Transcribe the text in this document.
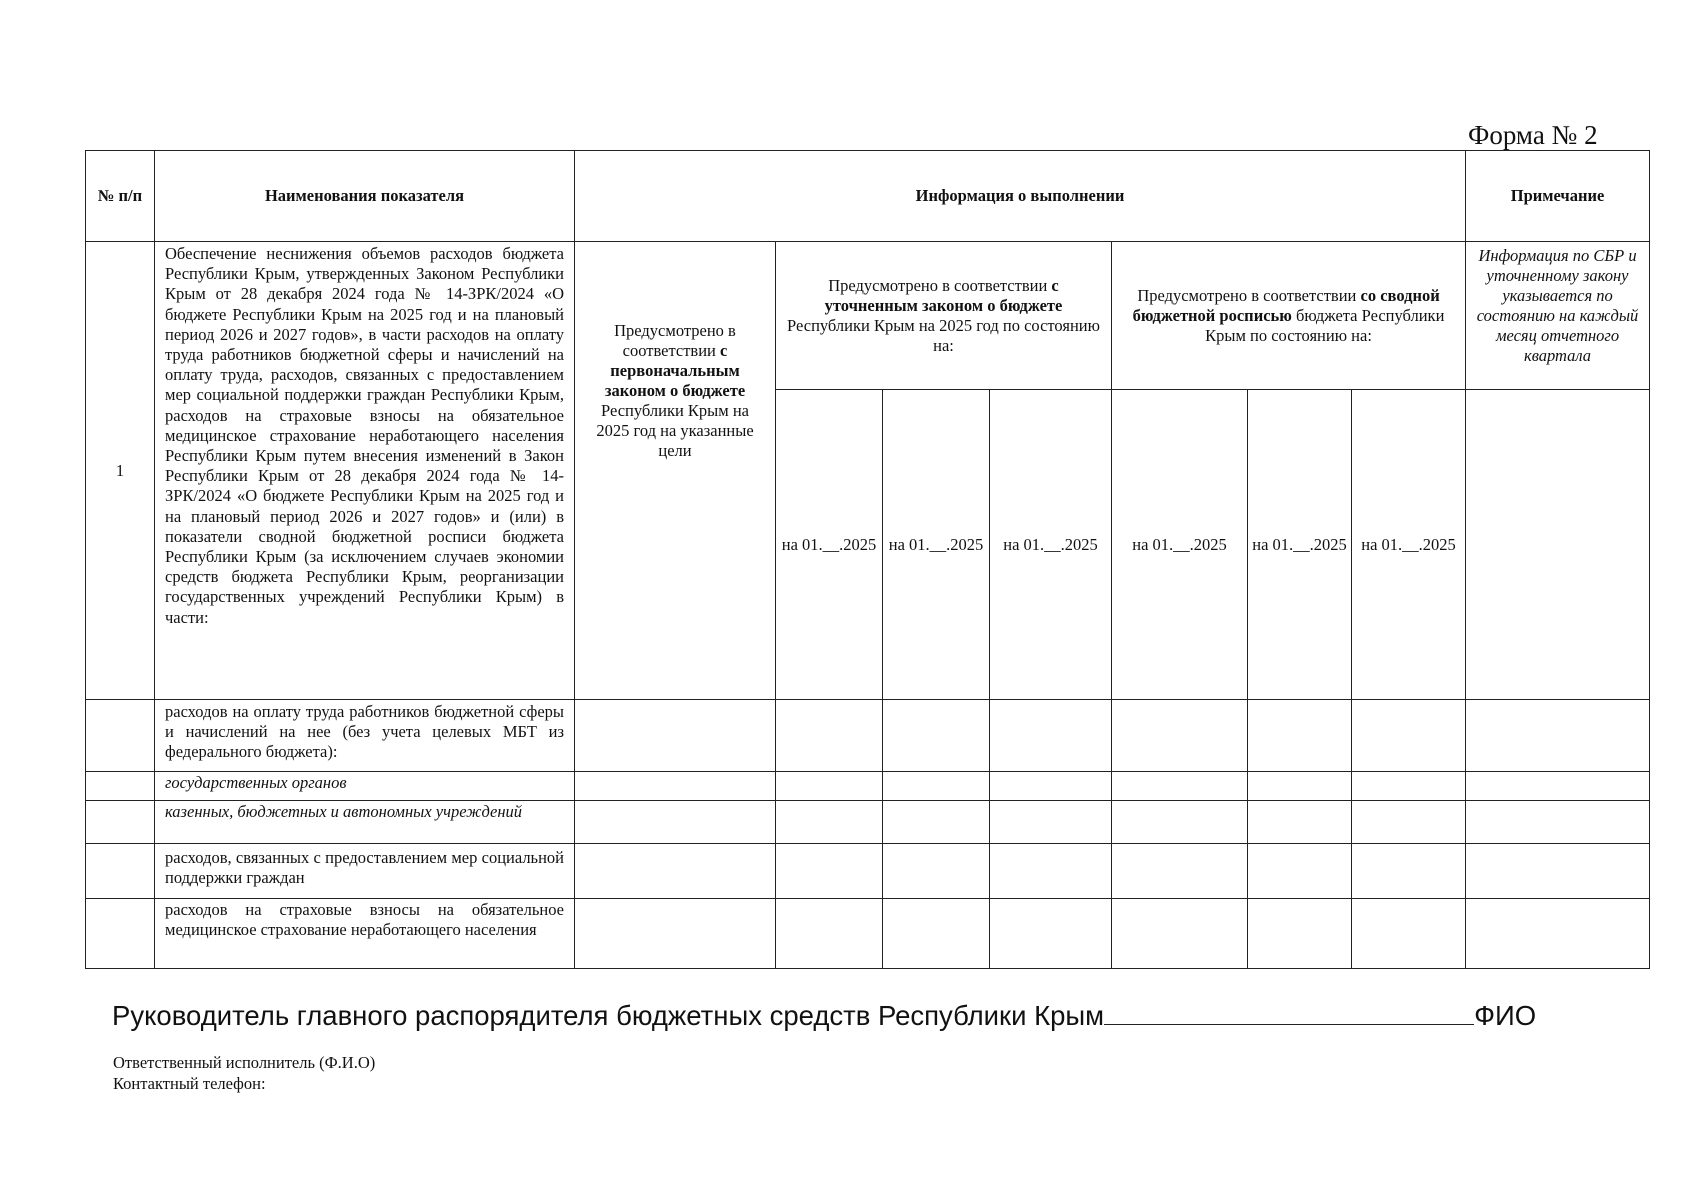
Форма № 2
№ п/п	Наименования показателя	Информация о выполнении							Примечание
1	Обеспечение неснижения объемов расходов бюджета Республики Крым, утвержденных Законом Республики Крым от 28 декабря 2024 года № 14-ЗРК/2024 «О бюджете Республики Крым на 2025 год и на плановый период 2026 и 2027 годов», в части расходов на оплату труда работников бюджетной сферы и начислений на оплату труда, расходов, связанных с предоставлением мер социальной поддержки граждан Республики Крым, расходов на страховые взносы на обязательное медицинское страхование неработающего населения Республики Крым путем внесения изменений в Закон Республики Крым от 28 декабря 2024 года № 14-ЗРК/2024 «О бюджете Республики Крым на 2025 год и на плановый период 2026 и 2027 годов» и (или) в показатели сводной бюджетной росписи бюджета Республики Крым (за исключением случаев экономии средств бюджета Республики Крым, реорганизации государственных учреждений Республики Крым) в части:	Предусмотрено в соответствии с первоначальным законом о бюджете Республики Крым на 2025 год на указанные цели	Предусмотрено в соответствии с уточненным законом о бюджете Республики Крым на 2025 год по состоянию на:			Предусмотрено в соответствии со сводной бюджетной росписью бюджета Республики Крым по состоянию на:			Информация по СБР и уточненному закону указывается по состоянию на каждый месяц отчетного квартала
			на 01.__.2025	на 01.__.2025	на 01.__.2025	на 01.__.2025	на 01.__.2025	на 01.__.2025	
	расходов на оплату труда работников бюджетной сферы и начислений на нее (без учета целевых МБТ из федерального бюджета):								
	государственных органов								
	казенных, бюджетных и автономных учреждений								
	расходов, связанных с предоставлением мер социальной поддержки граждан								
	расходов на страховые взносы на обязательное медицинское страхование неработающего населения								
Руководитель главного распорядителя бюджетных средств Республики Крым	ФИО
Ответственный исполнитель (Ф.И.О)
Контактный телефон:
